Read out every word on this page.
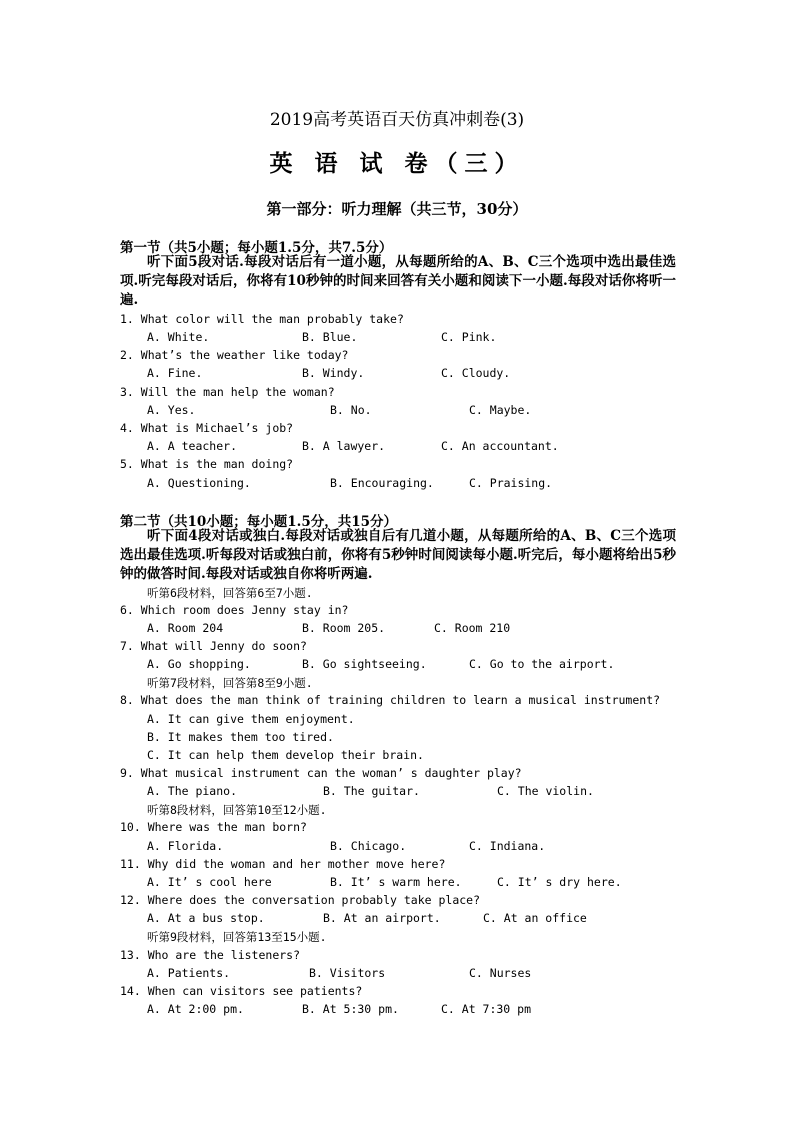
2019高考英语百天仿真冲刺卷(3)
英 语 试 卷（三）
第一部分：听力理解（共三节，30分）
第一节（共5小题；每小题1.5分，共7.5分）
听下面5段对话.每段对话后有一道小题，从每题所给的A、B、C三个选项中选出最佳选项.听完每段对话后，你将有10秒钟的时间来回答有关小题和阅读下一小题.每段对话你将听一遍.
1. What color will the man probably take?
A. White.	B. Blue.	C. Pink.
2. What’s the weather like today?
A. Fine.	B. Windy.	C. Cloudy.
3. Will the man help the woman?
A. Yes.	B. No.	C. Maybe.
4. What is Michael’s job?
A. A teacher.	B. A lawyer.	C. An accountant.
5. What is the man doing?
A. Questioning.	B. Encouraging.	C. Praising.
第二节（共10小题；每小题1.5分，共15分）
听下面4段对话或独白.每段对话或独自后有几道小题，从每题所给的A、B、C三个选项选出最佳选项.听每段对话或独白前，你将有5秒钟时间阅读每小题.听完后，每小题将给出5秒钟的做答时间.每段对话或独自你将听两遍.
听第6段材料，回答第6至7小题.
6. Which room does Jenny stay in?
A. Room 204	B. Room 205.	C. Room 210
7. What will Jenny do soon?
A. Go shopping.	B. Go sightseeing.	C. Go to the airport.
听第7段材料，回答第8至9小题.
8. What does the man think of training children to learn a musical instrument?
A. It can give them enjoyment.
B. It makes them too tired.
C. It can help them develop their brain.
9. What musical instrument can the woman’ s daughter play?
A. The piano.	B. The guitar.	C. The violin.
听第8段材料，回答第10至12小题.
10. Where was the man born?
A. Florida.	B. Chicago.	C. Indiana.
11. Why did the woman and her mother move here?
A. It’ s cool here	B. It’ s warm here.	C. It’ s dry here.
12. Where does the conversation probably take place?
A. At a bus stop.	B. At an airport.	C. At an office
听第9段材料，回答第13至15小题.
13. Who are the listeners?
A. Patients.	B. Visitors	C. Nurses
14. When can visitors see patients?
A. At 2:00 pm.	B. At 5:30 pm.	C. At 7:30 pm
